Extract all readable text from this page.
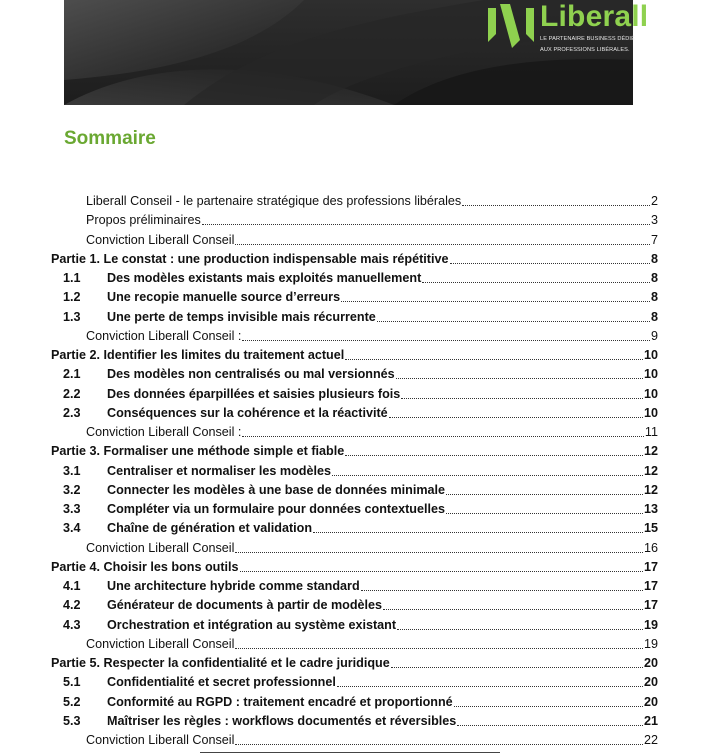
Liberall
LE PARTENAIRE BUSINESS DÉDIÉ
AUX PROFESSIONS LIBÉRALES.
Sommaire
Liberall Conseil - le partenaire stratégique des professions libérales	2
Propos préliminaires	3
Conviction Liberall Conseil	7
Partie 1. Le constat : une production indispensable mais répétitive	8
1.1	Des modèles existants mais exploités manuellement	8
1.2	Une recopie manuelle source d’erreurs	8
1.3	Une perte de temps invisible mais récurrente	8
Conviction Liberall Conseil :	9
Partie 2. Identifier les limites du traitement actuel	10
2.1	Des modèles non centralisés ou mal versionnés	10
2.2	Des données éparpillées et saisies plusieurs fois	10
2.3	Conséquences sur la cohérence et la réactivité	10
Conviction Liberall Conseil :	11
Partie 3. Formaliser une méthode simple et fiable	12
3.1	Centraliser et normaliser les modèles	12
3.2	Connecter les modèles à une base de données minimale	12
3.3	Compléter via un formulaire pour données contextuelles	13
3.4	Chaîne de génération et validation	15
Conviction Liberall Conseil	16
Partie 4. Choisir les bons outils	17
4.1	Une architecture hybride comme standard	17
4.2	Générateur de documents à partir de modèles	17
4.3	Orchestration et intégration au système existant	19
Conviction Liberall Conseil	19
Partie 5. Respecter la confidentialité et le cadre juridique	20
5.1	Confidentialité et secret professionnel	20
5.2	Conformité au RGPD : traitement encadré et proportionné	20
5.3	Maîtriser les règles : workflows documentés et réversibles	21
Conviction Liberall Conseil	22
